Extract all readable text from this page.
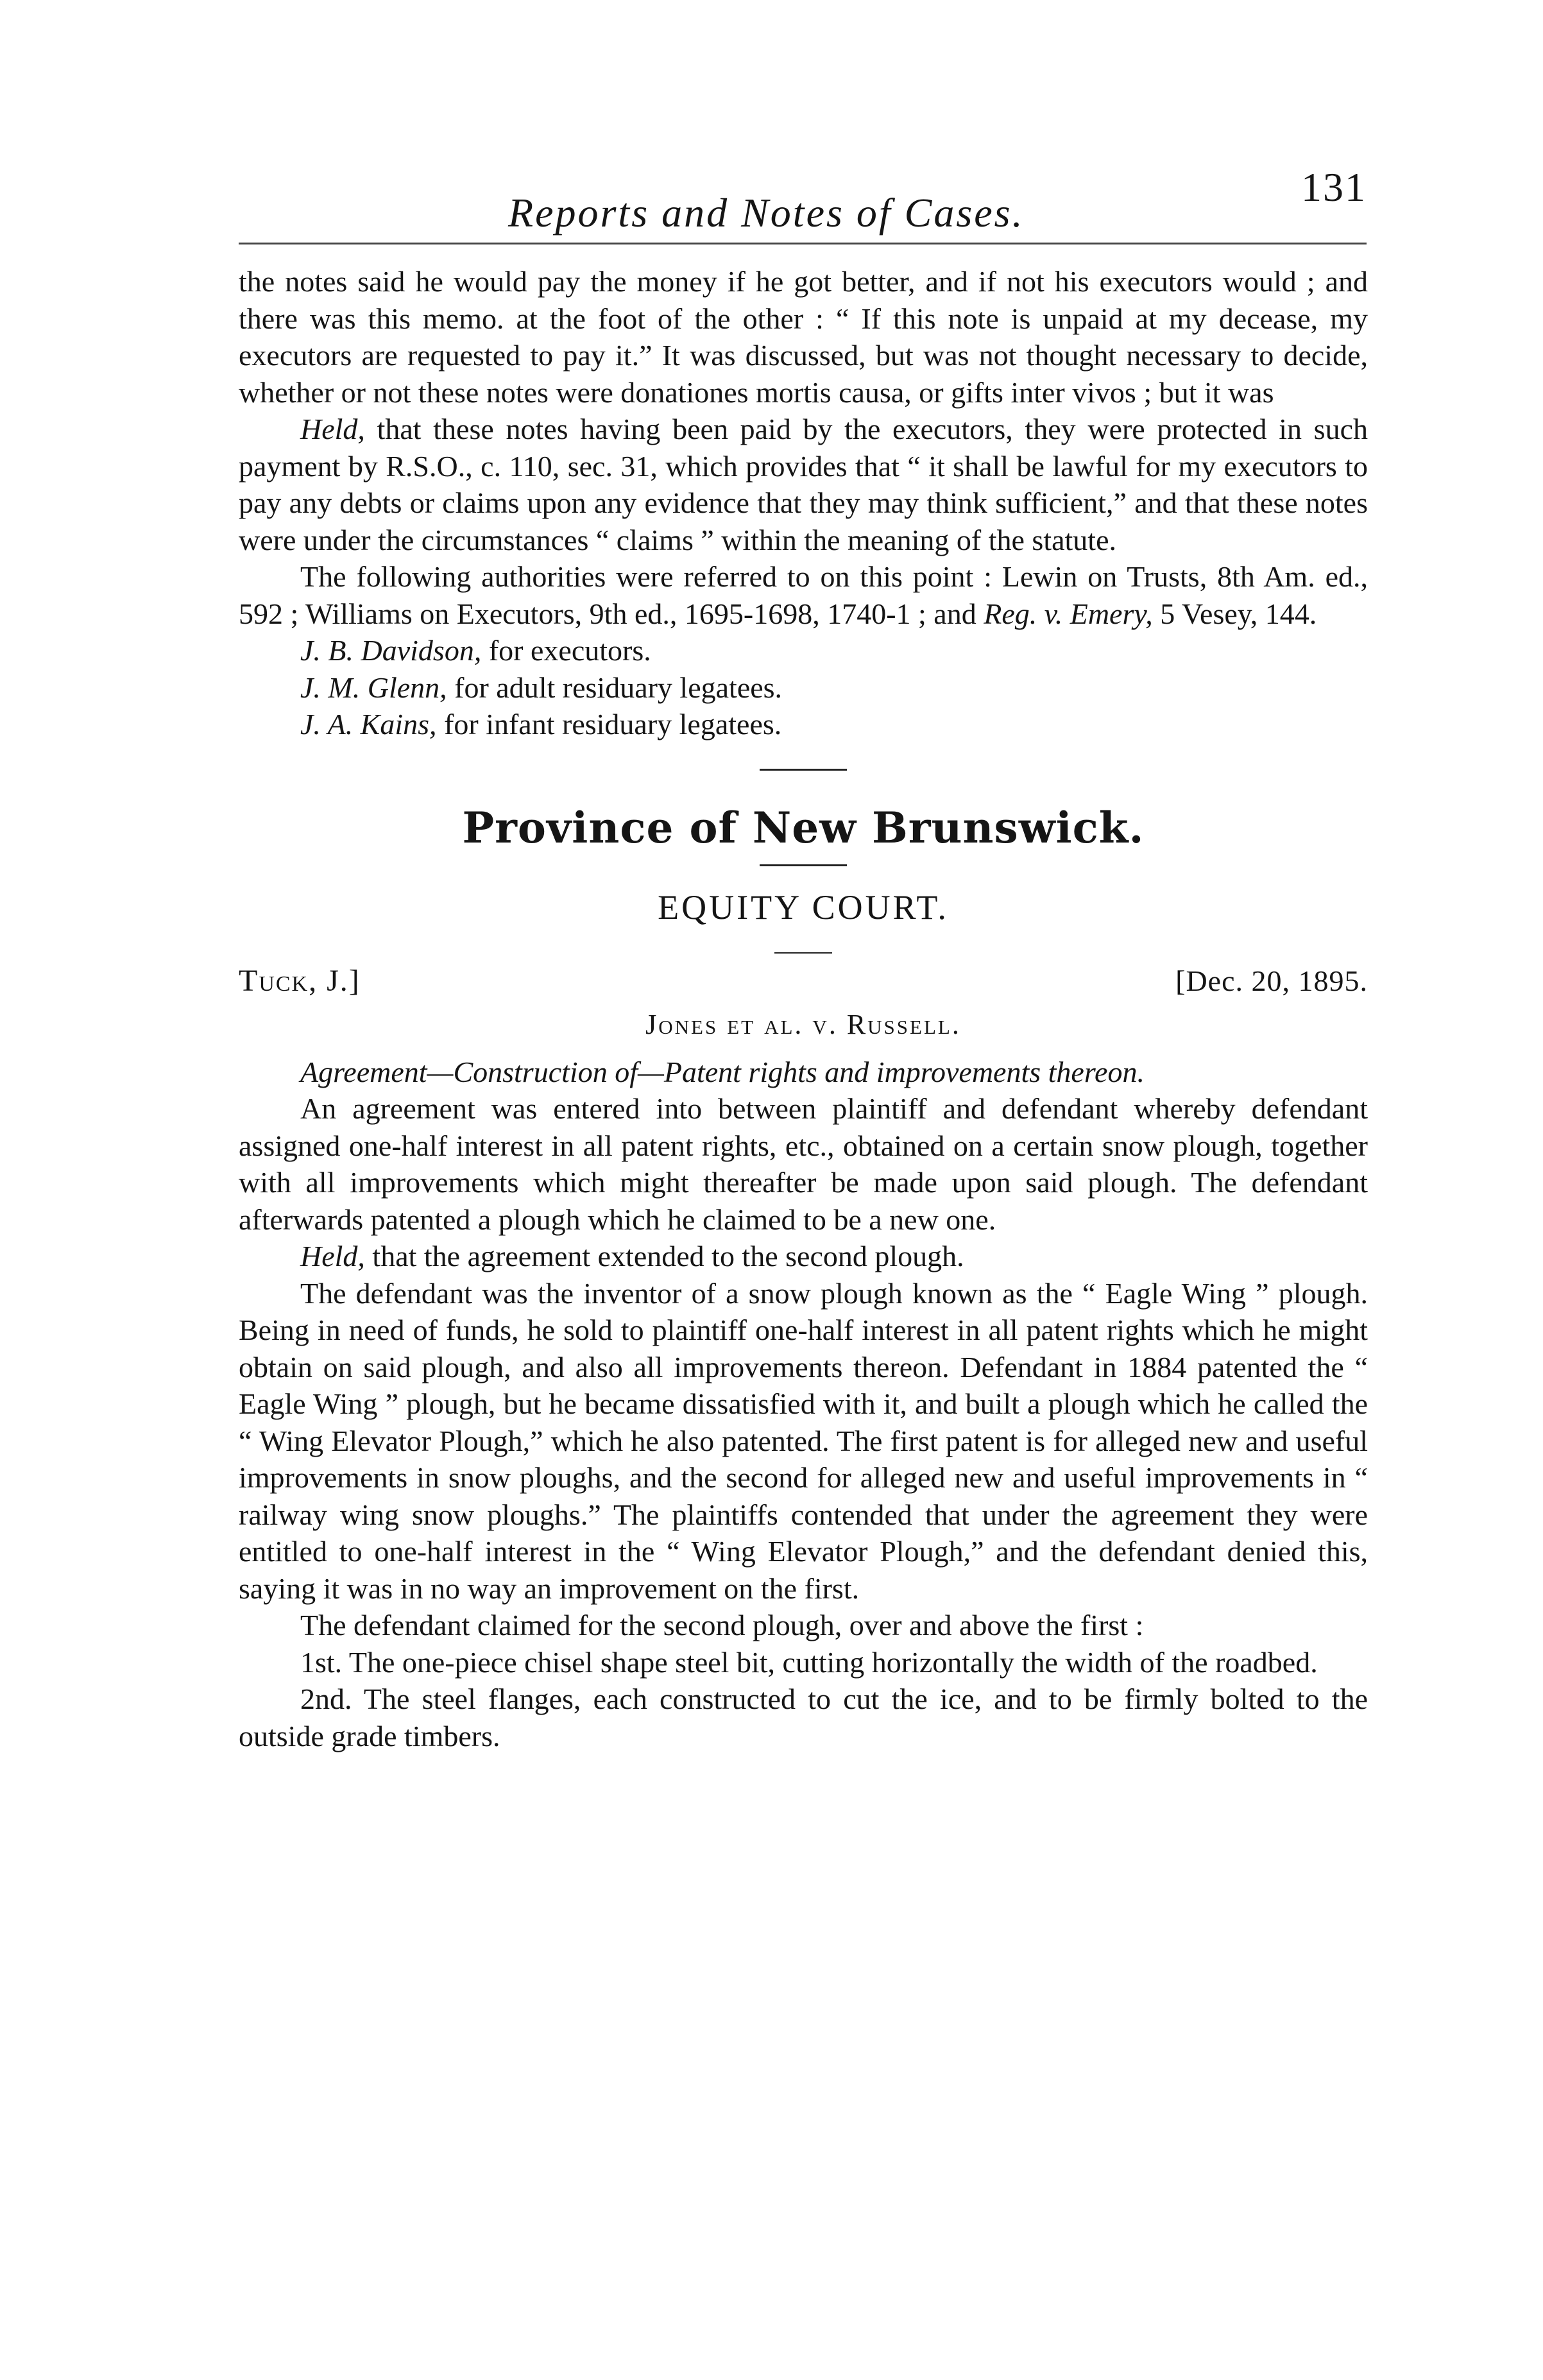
Reports and Notes of Cases.
131

the notes said he would pay the money if he got better, and if not his executors would ; and there was this memo. at the foot of the other : “ If this note is unpaid at my decease, my executors are requested to pay it.” It was discussed, but was not thought necessary to decide, whether or not these notes were donationes mortis causa, or gifts inter vivos ; but it was

Held, that these notes having been paid by the executors, they were protected in such payment by R.S.O., c. 110, sec. 31, which provides that “ it shall be lawful for my executors to pay any debts or claims upon any evidence that they may think sufficient,” and that these notes were under the circumstances “ claims ” within the meaning of the statute.

The following authorities were referred to on this point : Lewin on Trusts, 8th Am. ed., 592 ; Williams on Executors, 9th ed., 1695-1698, 1740-1 ; and Reg. v. Emery, 5 Vesey, 144.

J. B. Davidson, for executors.

J. M. Glenn, for adult residuary legatees.

J. A. Kains, for infant residuary legatees.

Province of New Brunswick.
EQUITY COURT.
Tuck, J.]	[Dec. 20, 1895.
Jones et al. v. Russell.

Agreement—Construction of—Patent rights and improvements thereon.

An agreement was entered into between plaintiff and defendant whereby defendant assigned one-half interest in all patent rights, etc., obtained on a certain snow plough, together with all improvements which might thereafter be made upon said plough. The defendant afterwards patented a plough which he claimed to be a new one.

Held, that the agreement extended to the second plough.

The defendant was the inventor of a snow plough known as the “ Eagle Wing ” plough. Being in need of funds, he sold to plaintiff one-half interest in all patent rights which he might obtain on said plough, and also all improvements thereon. Defendant in 1884 patented the “ Eagle Wing ” plough, but he became dissatisfied with it, and built a plough which he called the “ Wing Elevator Plough,” which he also patented. The first patent is for alleged new and useful improvements in snow ploughs, and the second for alleged new and useful improvements in “ railway wing snow ploughs.” The plaintiffs contended that under the agreement they were entitled to one-half interest in the “ Wing Elevator Plough,” and the defendant denied this, saying it was in no way an improvement on the first.

The defendant claimed for the second plough, over and above the first :

1st. The one-piece chisel shape steel bit, cutting horizontally the width of the roadbed.

2nd. The steel flanges, each constructed to cut the ice, and to be firmly bolted to the outside grade timbers.
